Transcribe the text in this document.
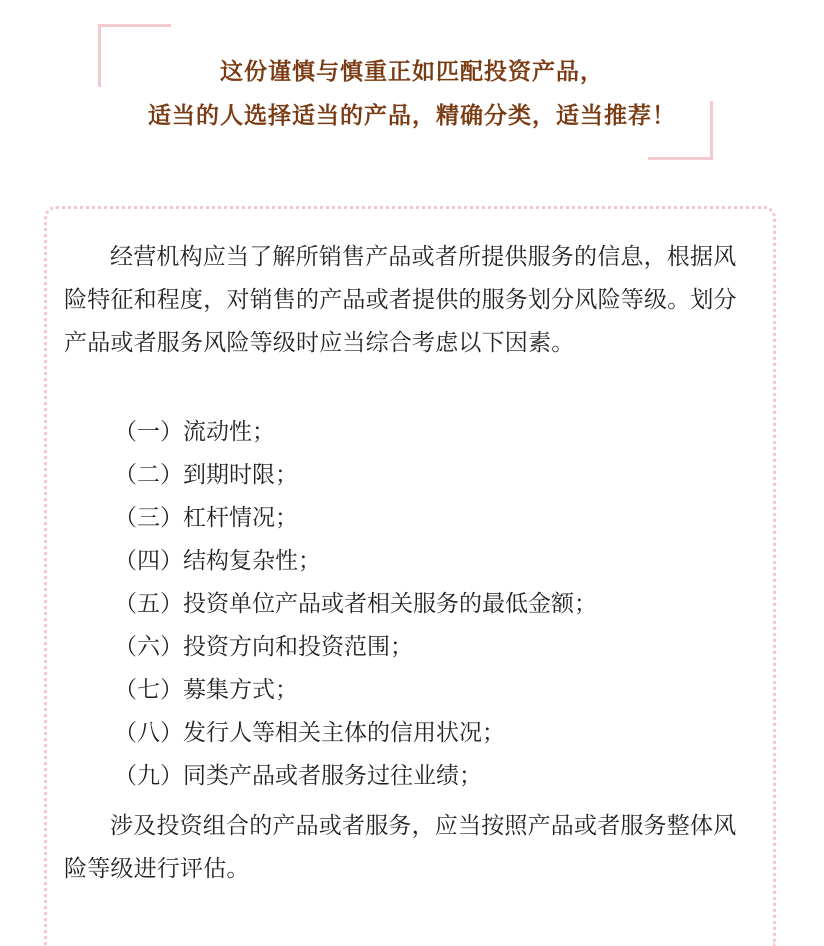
这份谨慎与慎重正如匹配投资产品，
适当的人选择适当的产品，精确分类，适当推荐！

经营机构应当了解所销售产品或者所提供服务的信息，根据风险特征和程度，对销售的产品或者提供的服务划分风险等级。划分产品或者服务风险等级时应当综合考虑以下因素。

（一）流动性；
（二）到期时限；
（三）杠杆情况；
（四）结构复杂性；
（五）投资单位产品或者相关服务的最低金额；
（六）投资方向和投资范围；
（七）募集方式；
（八）发行人等相关主体的信用状况；
（九）同类产品或者服务过往业绩；

涉及投资组合的产品或者服务，应当按照产品或者服务整体风险等级进行评估。
